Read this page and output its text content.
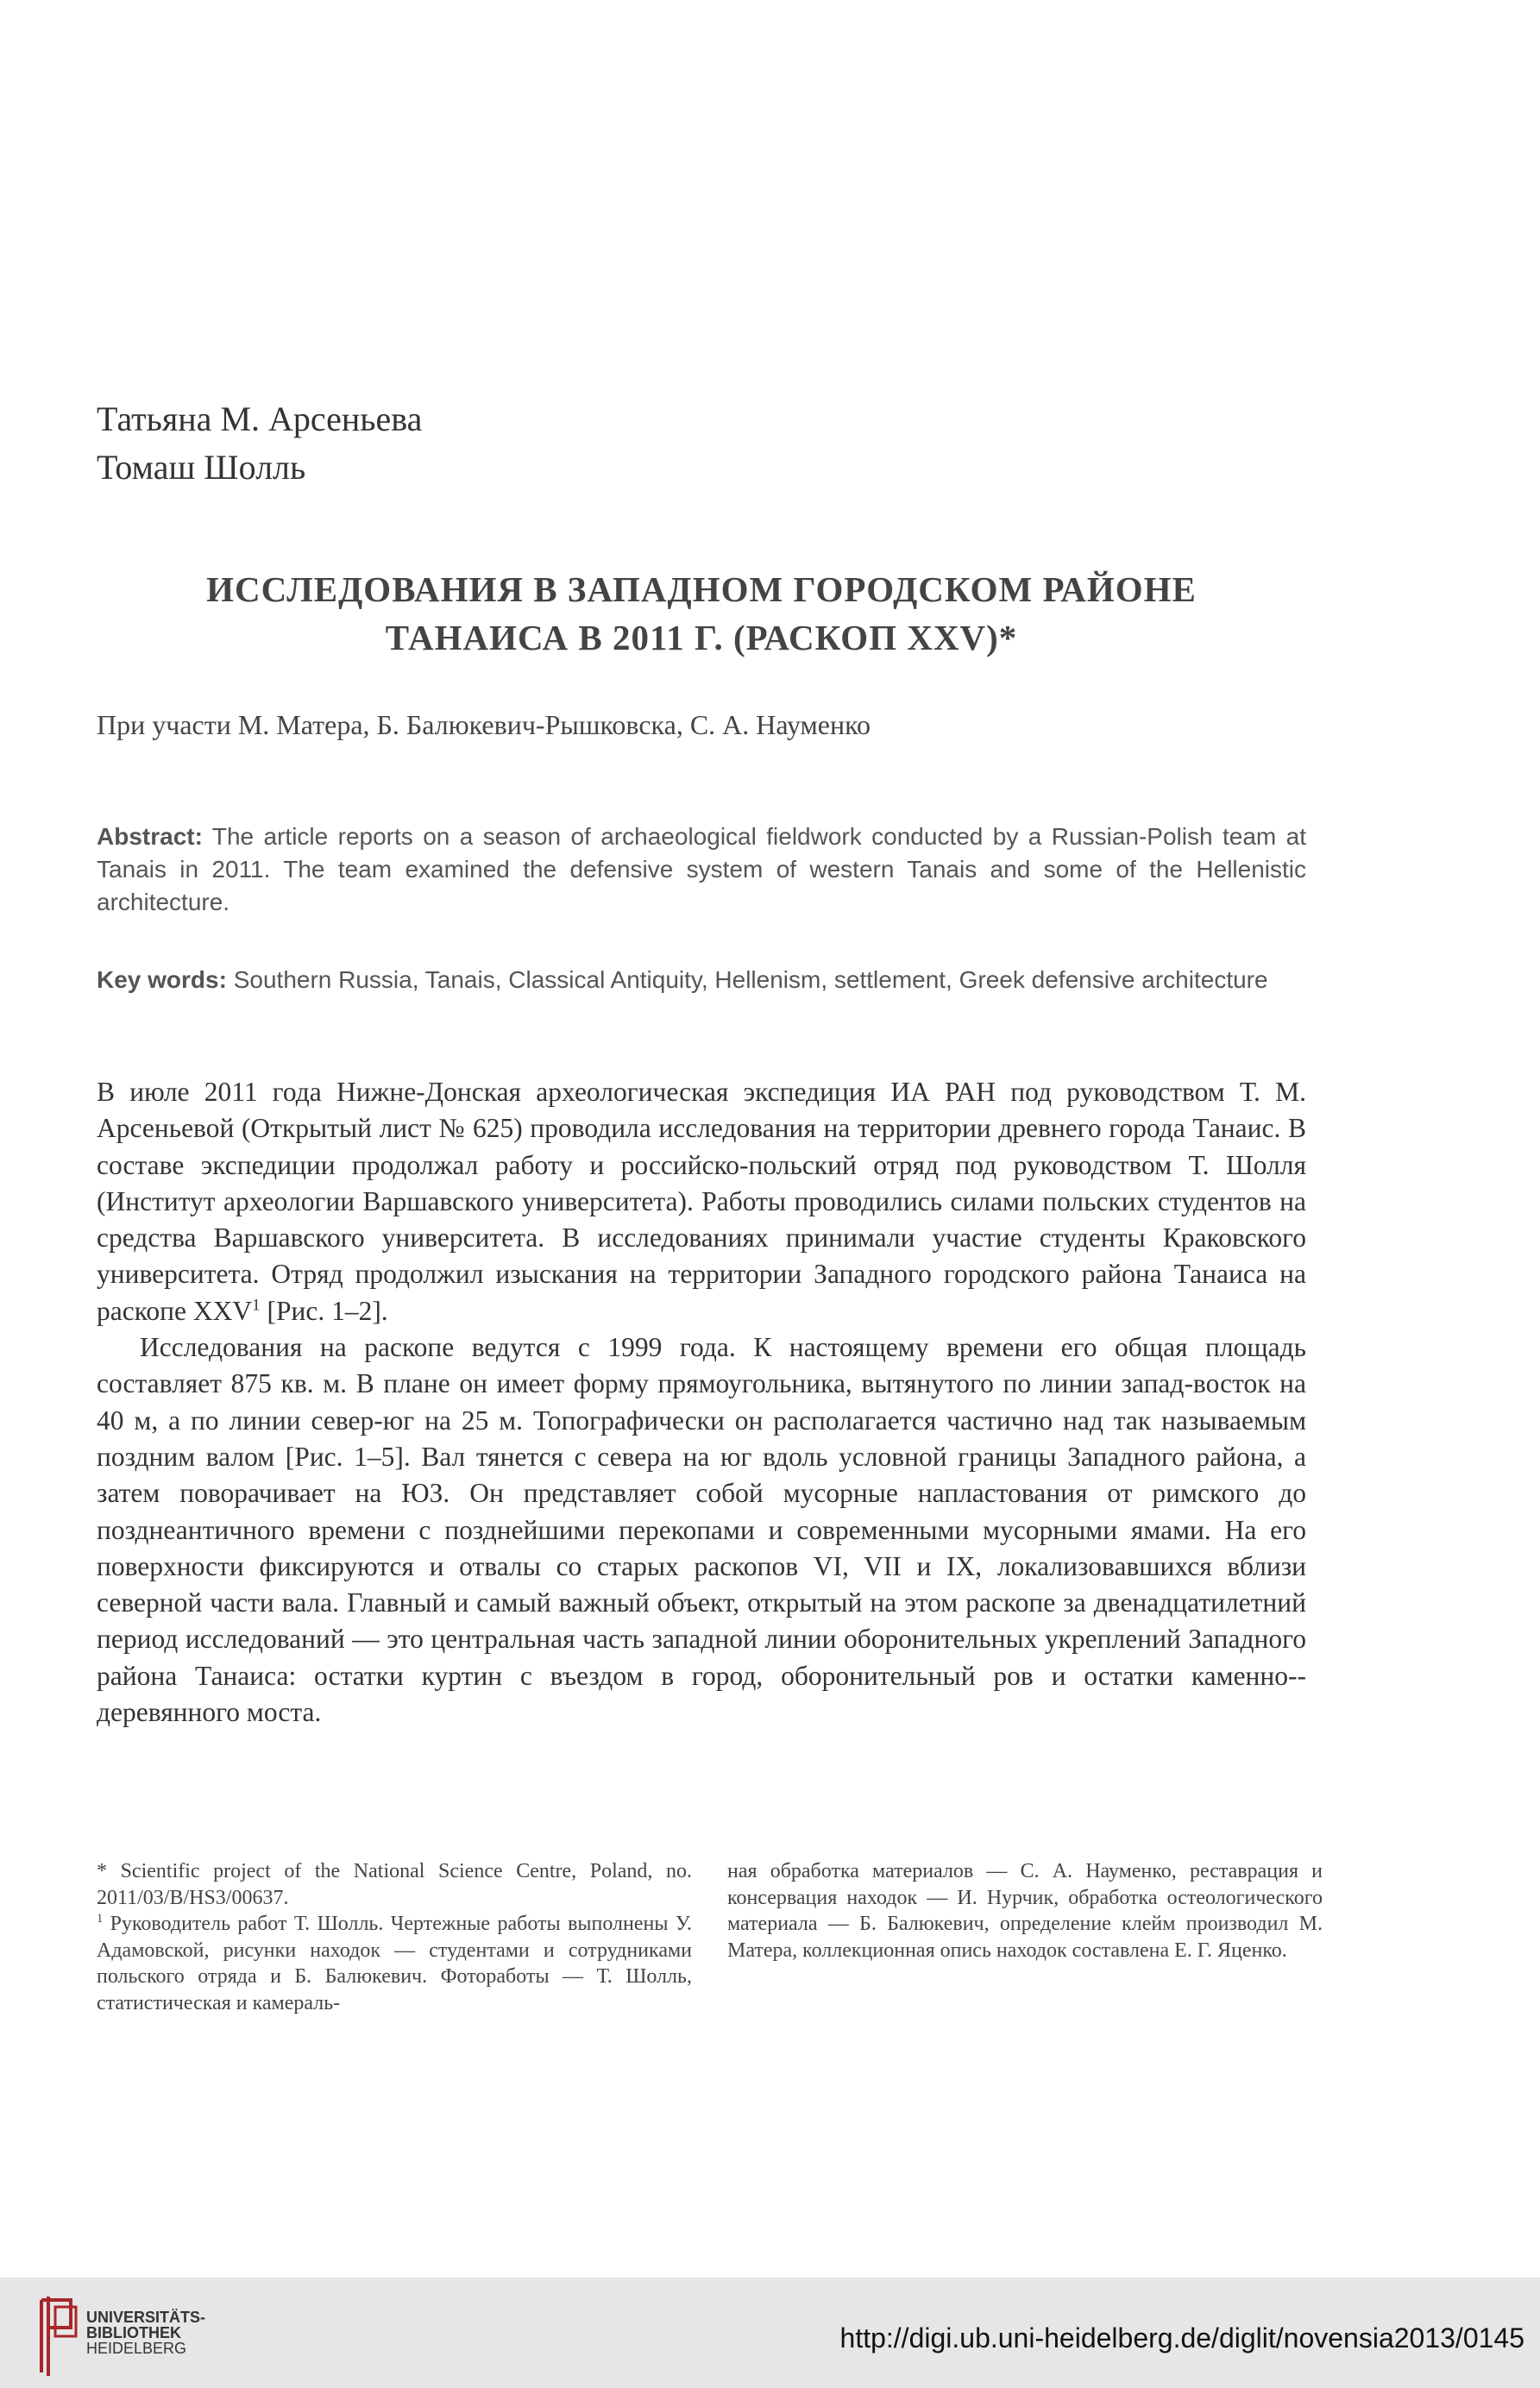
Татьяна М. Арсеньева
Томаш Шолль
ИССЛЕДОВАНИЯ В ЗАПАДНОМ ГОРОДСКОМ РАЙОНЕ
ТАНАИСА В 2011 Г. (РАСКОП XXV)*
При участи М. Матера, Б. Балюкевич-Рышковска, С. А. Науменко
Abstract: The article reports on a season of archaeological fieldwork conducted by a Russian-Polish team at Tanais in 2011. The team examined the defensive system of western Tanais and some of the Hellenistic architecture.
Key words: Southern Russia, Tanais, Classical Antiquity, Hellenism, settlement, Greek defensive architecture

В июле 2011 года Нижне-Донская археологическая экспедиция ИА РАН под руководством Т. М. Арсеньевой (Открытый лист № 625) проводила исследования на территории древнего города Танаис. В составе экспедиции продолжал работу и российско-польский отряд под руководством Т. Шолля (Институт археологии Варшавского университета). Работы проводились силами польских студентов на средства Варшавского университета. В исследованиях принимали участие студенты Краковского университета. Отряд продолжил изыскания на территории Западного городского района Танаиса на раскопе XXV$^1$ [Рис. 1–2].

Исследования на раскопе ведутся с 1999 года. К настоящему времени его общая площадь составляет 875 кв. м. В плане он имеет форму прямоугольника, вытянутого по линии запад-восток на 40 м, а по линии север-юг на 25 м. Топографически он располагается частично над так называемым поздним валом [Рис. 1–5]. Вал тянется с севера на юг вдоль условной границы Западного района, а затем поворачивает на ЮЗ. Он представляет собой мусорные напластования от римского до позднеантичного времени с позднейшими перекопами и современными мусорными ямами. На его поверхности фиксируются и отвалы со старых раскопов VI, VII и IX, локализовавшихся вблизи северной части вала. Главный и самый важный объект, открытый на этом раскопе за двенадцатилетний период исследований — это центральная часть западной линии оборонительных укреплений Западного района Танаиса: остатки куртин с въездом в город, оборонительный ров и остатки каменно--деревянного моста.

* Scientific project of the National Science Centre, Poland, no. 2011/03/B/HS3/00637.

$^1$ Руководитель работ Т. Шолль. Чертежные работы выполнены У. Адамовской, рисунки находок — студентами и сотрудниками польского отряда и Б. Балюкевич. Фотоработы — Т. Шолль, статистическая и камераль-

ная обработка материалов — С. А. Науменко, реставрация и консервация находок — И. Нурчик, обработка остеологического материала — Б. Балюкевич, определение клейм производил М. Матера, коллекционная опись находок составлена Е. Г. Яценко.

UNIVERSITÄTS-
BIBLIOTHEK
HEIDELBERG	http://digi.ub.uni-heidelberg.de/diglit/novensia2013/0145
